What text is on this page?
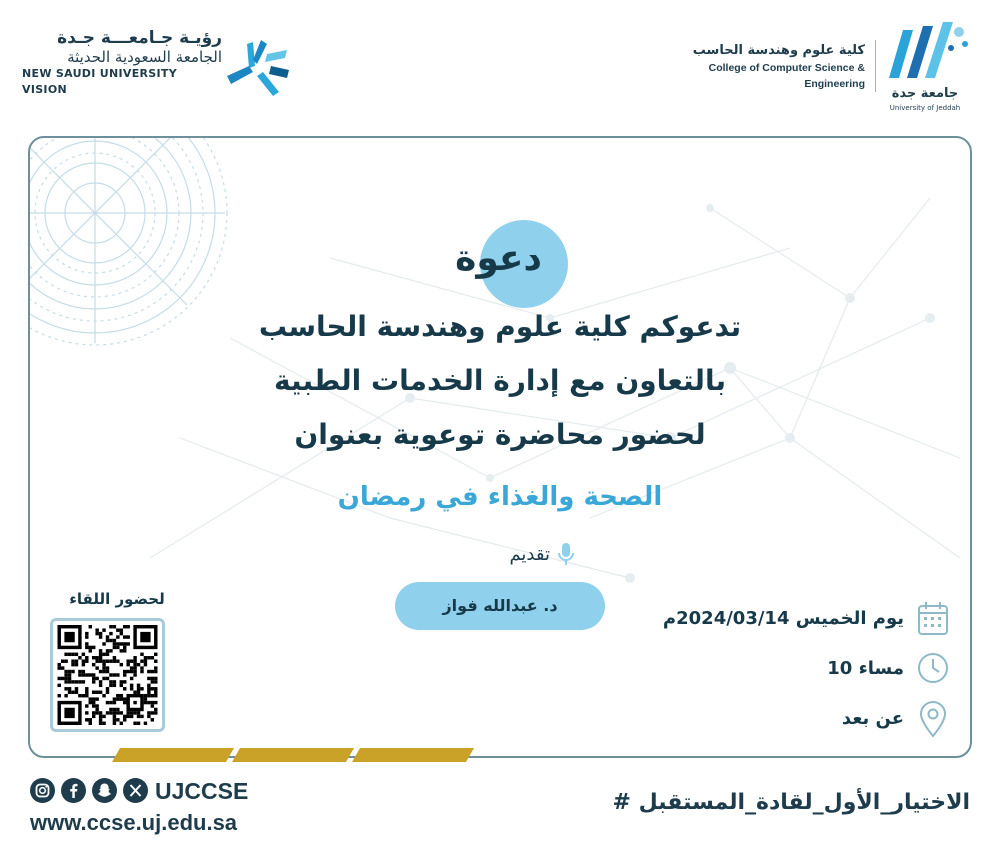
رؤيـة جـامعـــة جـدة
الجامعة السعودية الحديثة
NEW SAUDI UNIVERSITY VISION
كلية علوم وهندسة الحاسب
College of Computer Science & Engineering
جامعة جدة
University of Jeddah
دعوة
تدعوكم كلية علوم وهندسة الحاسب
بالتعاون مع إدارة الخدمات الطبية
لحضور محاضرة توعوية بعنوان
الصحة والغذاء في رمضان
تقديم
د. عبدالله فواز
لحضور اللقاء
يوم الخميس 2024/03/14م
10 مساء
عن بعد
UJCCSE
www.ccse.uj.edu.sa
# الاختيار_الأول_لقادة_المستقبل
